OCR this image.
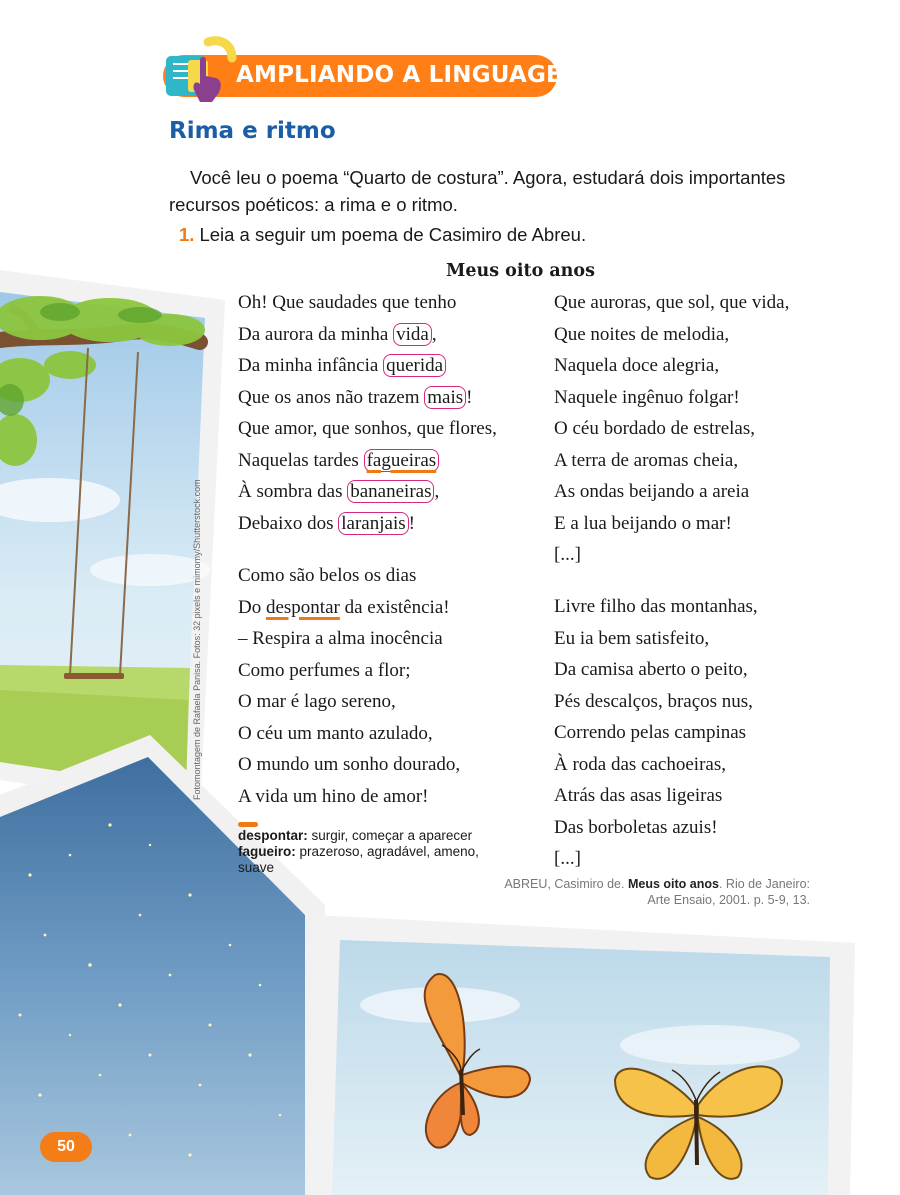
AMPLIANDO A LINGUAGEM
Rima e ritmo

Você leu o poema “Quarto de costura”. Agora, estudará dois importantes recursos poéticos: a rima e o ritmo.

1. Leia a seguir um poema de Casimiro de Abreu.
Meus oito anos
Oh! Que saudades que tenho
Da aurora da minha vida ,
Da minha infância querida
Que os anos não trazem mais !
Que amor, que sonhos, que flores,
Naquelas tardes fagueiras
À sombra das bananeiras ,
Debaixo dos laranjais !
Como são belos os dias
Do despontar da existência!
– Respira a alma inocência
Como perfumes a flor;
O mar é lago sereno,
O céu um manto azulado,
O mundo um sonho dourado,
A vida um hino de amor!
Que auroras, que sol, que vida,
Que noites de melodia,
Naquela doce alegria,
Naquele ingênuo folgar!
O céu bordado de estrelas,
A terra de aromas cheia,
As ondas beijando a areia
E a lua beijando o mar!
[...]
Livre filho das montanhas,
Eu ia bem satisfeito,
Da camisa aberto o peito,
Pés descalços, braços nus,
Correndo pelas campinas
À roda das cachoeiras,
Atrás das asas ligeiras
Das borboletas azuis!
[...]
despontar: surgir, começar a aparecer
fagueiro: prazeroso, agradável, ameno, suave
ABREU, Casimiro de. Meus oito anos. Rio de Janeiro:
Arte Ensaio, 2001. p. 5-9, 13.
Fotomontagem de Rafaela Panisa. Fotos: 32 pixels e mimomy/Shutterstock.com
50
